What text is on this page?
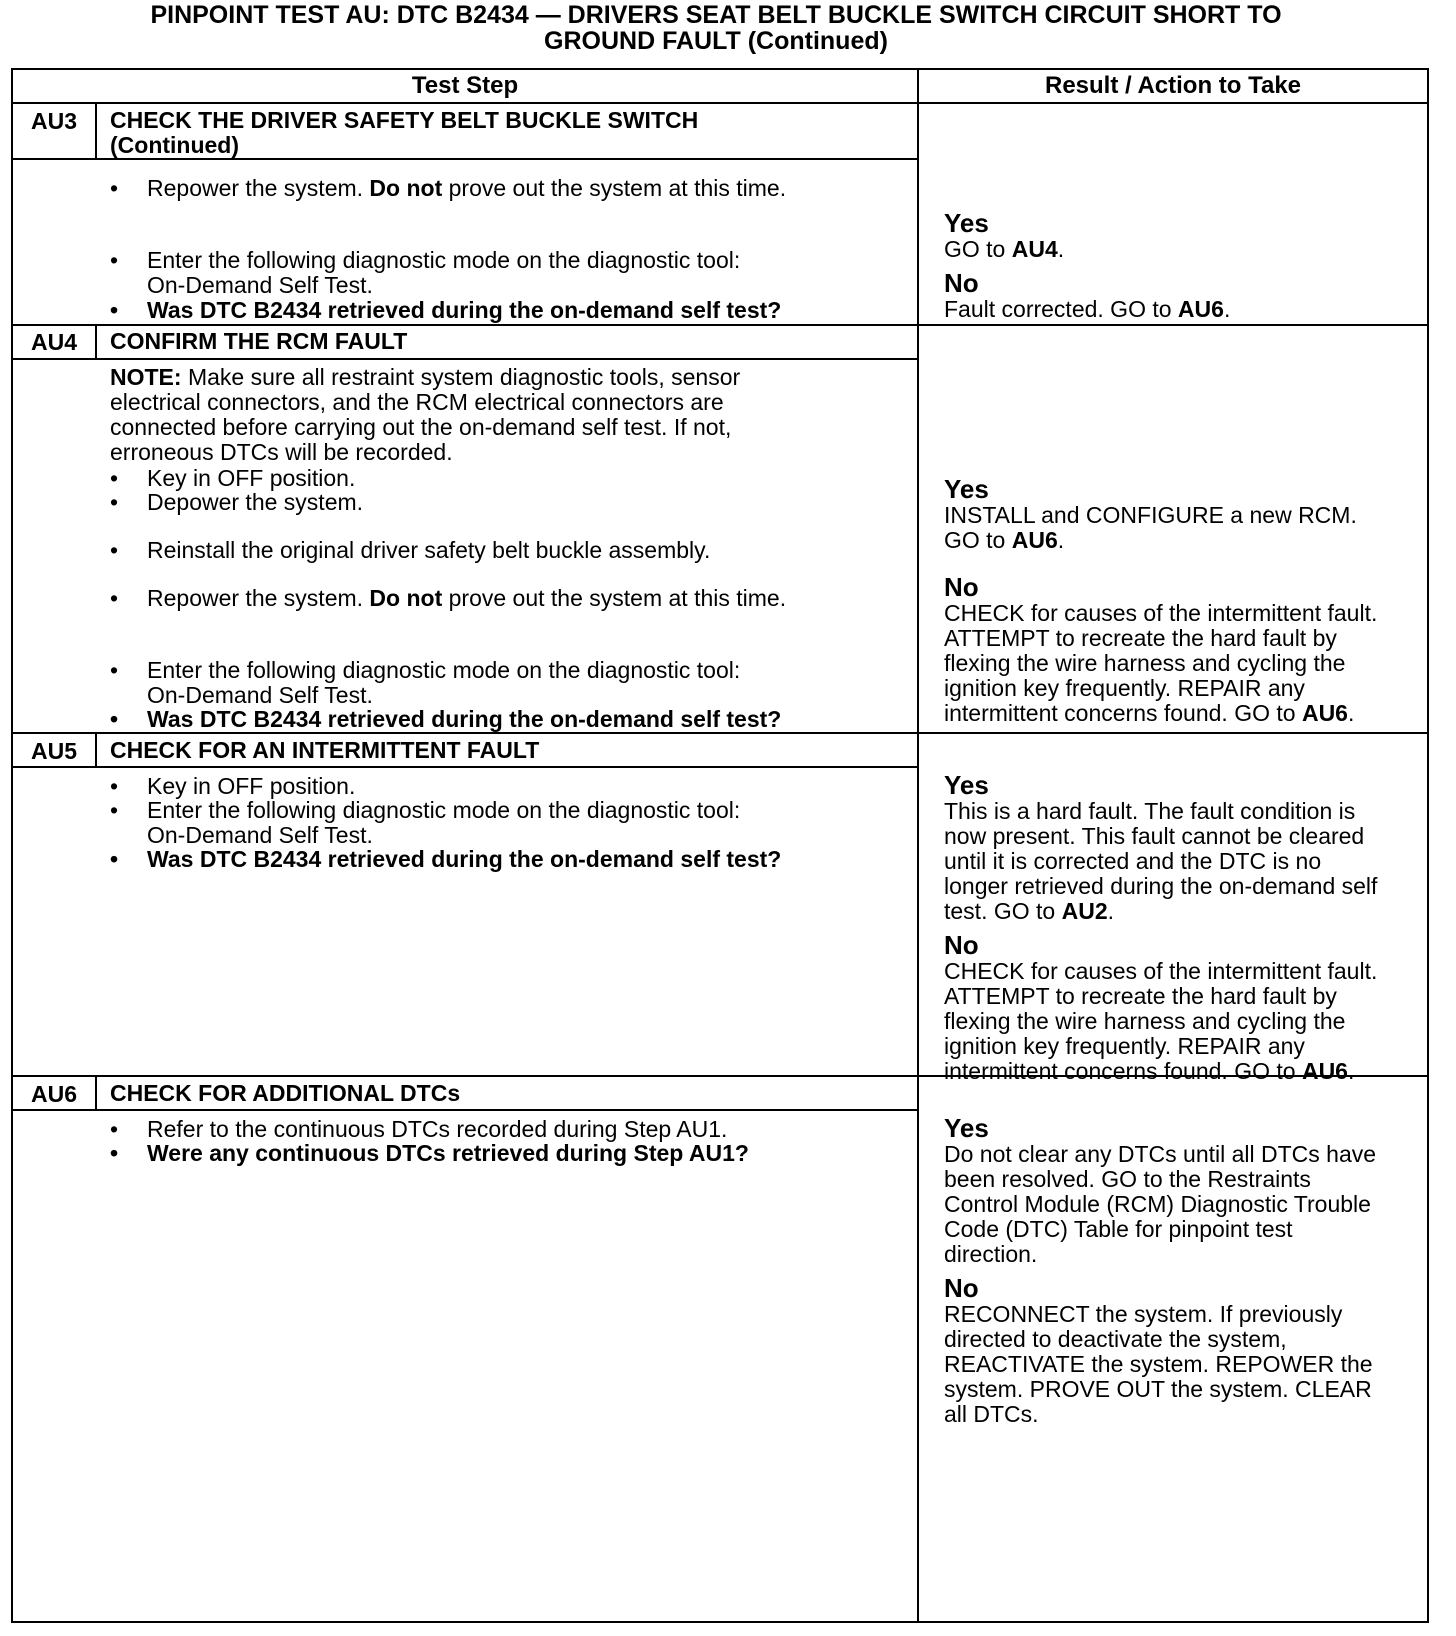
PINPOINT TEST AU: DTC B2434 — DRIVERS SEAT BELT BUCKLE SWITCH CIRCUIT SHORT TO
GROUND FAULT (Continued)
Test Step	Result / Action to Take
AU3	CHECK THE DRIVER SAFETY BELT BUCKLE SWITCH
(Continued)
•	Repower the system. Do not prove out the system at this time.
•	Enter the following diagnostic mode on the diagnostic tool:
On-Demand Self Test.
•	Was DTC B2434 retrieved during the on-demand self test?
Yes
GO to AU4.
No
Fault corrected. GO to AU6.
AU4	CONFIRM THE RCM FAULT
NOTE: Make sure all restraint system diagnostic tools, sensor
electrical connectors, and the RCM electrical connectors are
connected before carrying out the on-demand self test. If not,
erroneous DTCs will be recorded.
•	Key in OFF position.
•	Depower the system.
•	Reinstall the original driver safety belt buckle assembly.
•	Repower the system. Do not prove out the system at this time.
•	Enter the following diagnostic mode on the diagnostic tool:
On-Demand Self Test.
•	Was DTC B2434 retrieved during the on-demand self test?
Yes
INSTALL and CONFIGURE a new RCM.
GO to AU6.
No
CHECK for causes of the intermittent fault.
ATTEMPT to recreate the hard fault by
flexing the wire harness and cycling the
ignition key frequently. REPAIR any
intermittent concerns found. GO to AU6.
AU5	CHECK FOR AN INTERMITTENT FAULT
•	Key in OFF position.
•	Enter the following diagnostic mode on the diagnostic tool:
On-Demand Self Test.
•	Was DTC B2434 retrieved during the on-demand self test?
Yes
This is a hard fault. The fault condition is
now present. This fault cannot be cleared
until it is corrected and the DTC is no
longer retrieved during the on-demand self
test. GO to AU2.
No
CHECK for causes of the intermittent fault.
ATTEMPT to recreate the hard fault by
flexing the wire harness and cycling the
ignition key frequently. REPAIR any
intermittent concerns found. GO to AU6.
AU6	CHECK FOR ADDITIONAL DTCs
•	Refer to the continuous DTCs recorded during Step AU1.
•	Were any continuous DTCs retrieved during Step AU1?
Yes
Do not clear any DTCs until all DTCs have
been resolved. GO to the Restraints
Control Module (RCM) Diagnostic Trouble
Code (DTC) Table for pinpoint test
direction.
No
RECONNECT the system. If previously
directed to deactivate the system,
REACTIVATE the system. REPOWER the
system. PROVE OUT the system. CLEAR
all DTCs.
